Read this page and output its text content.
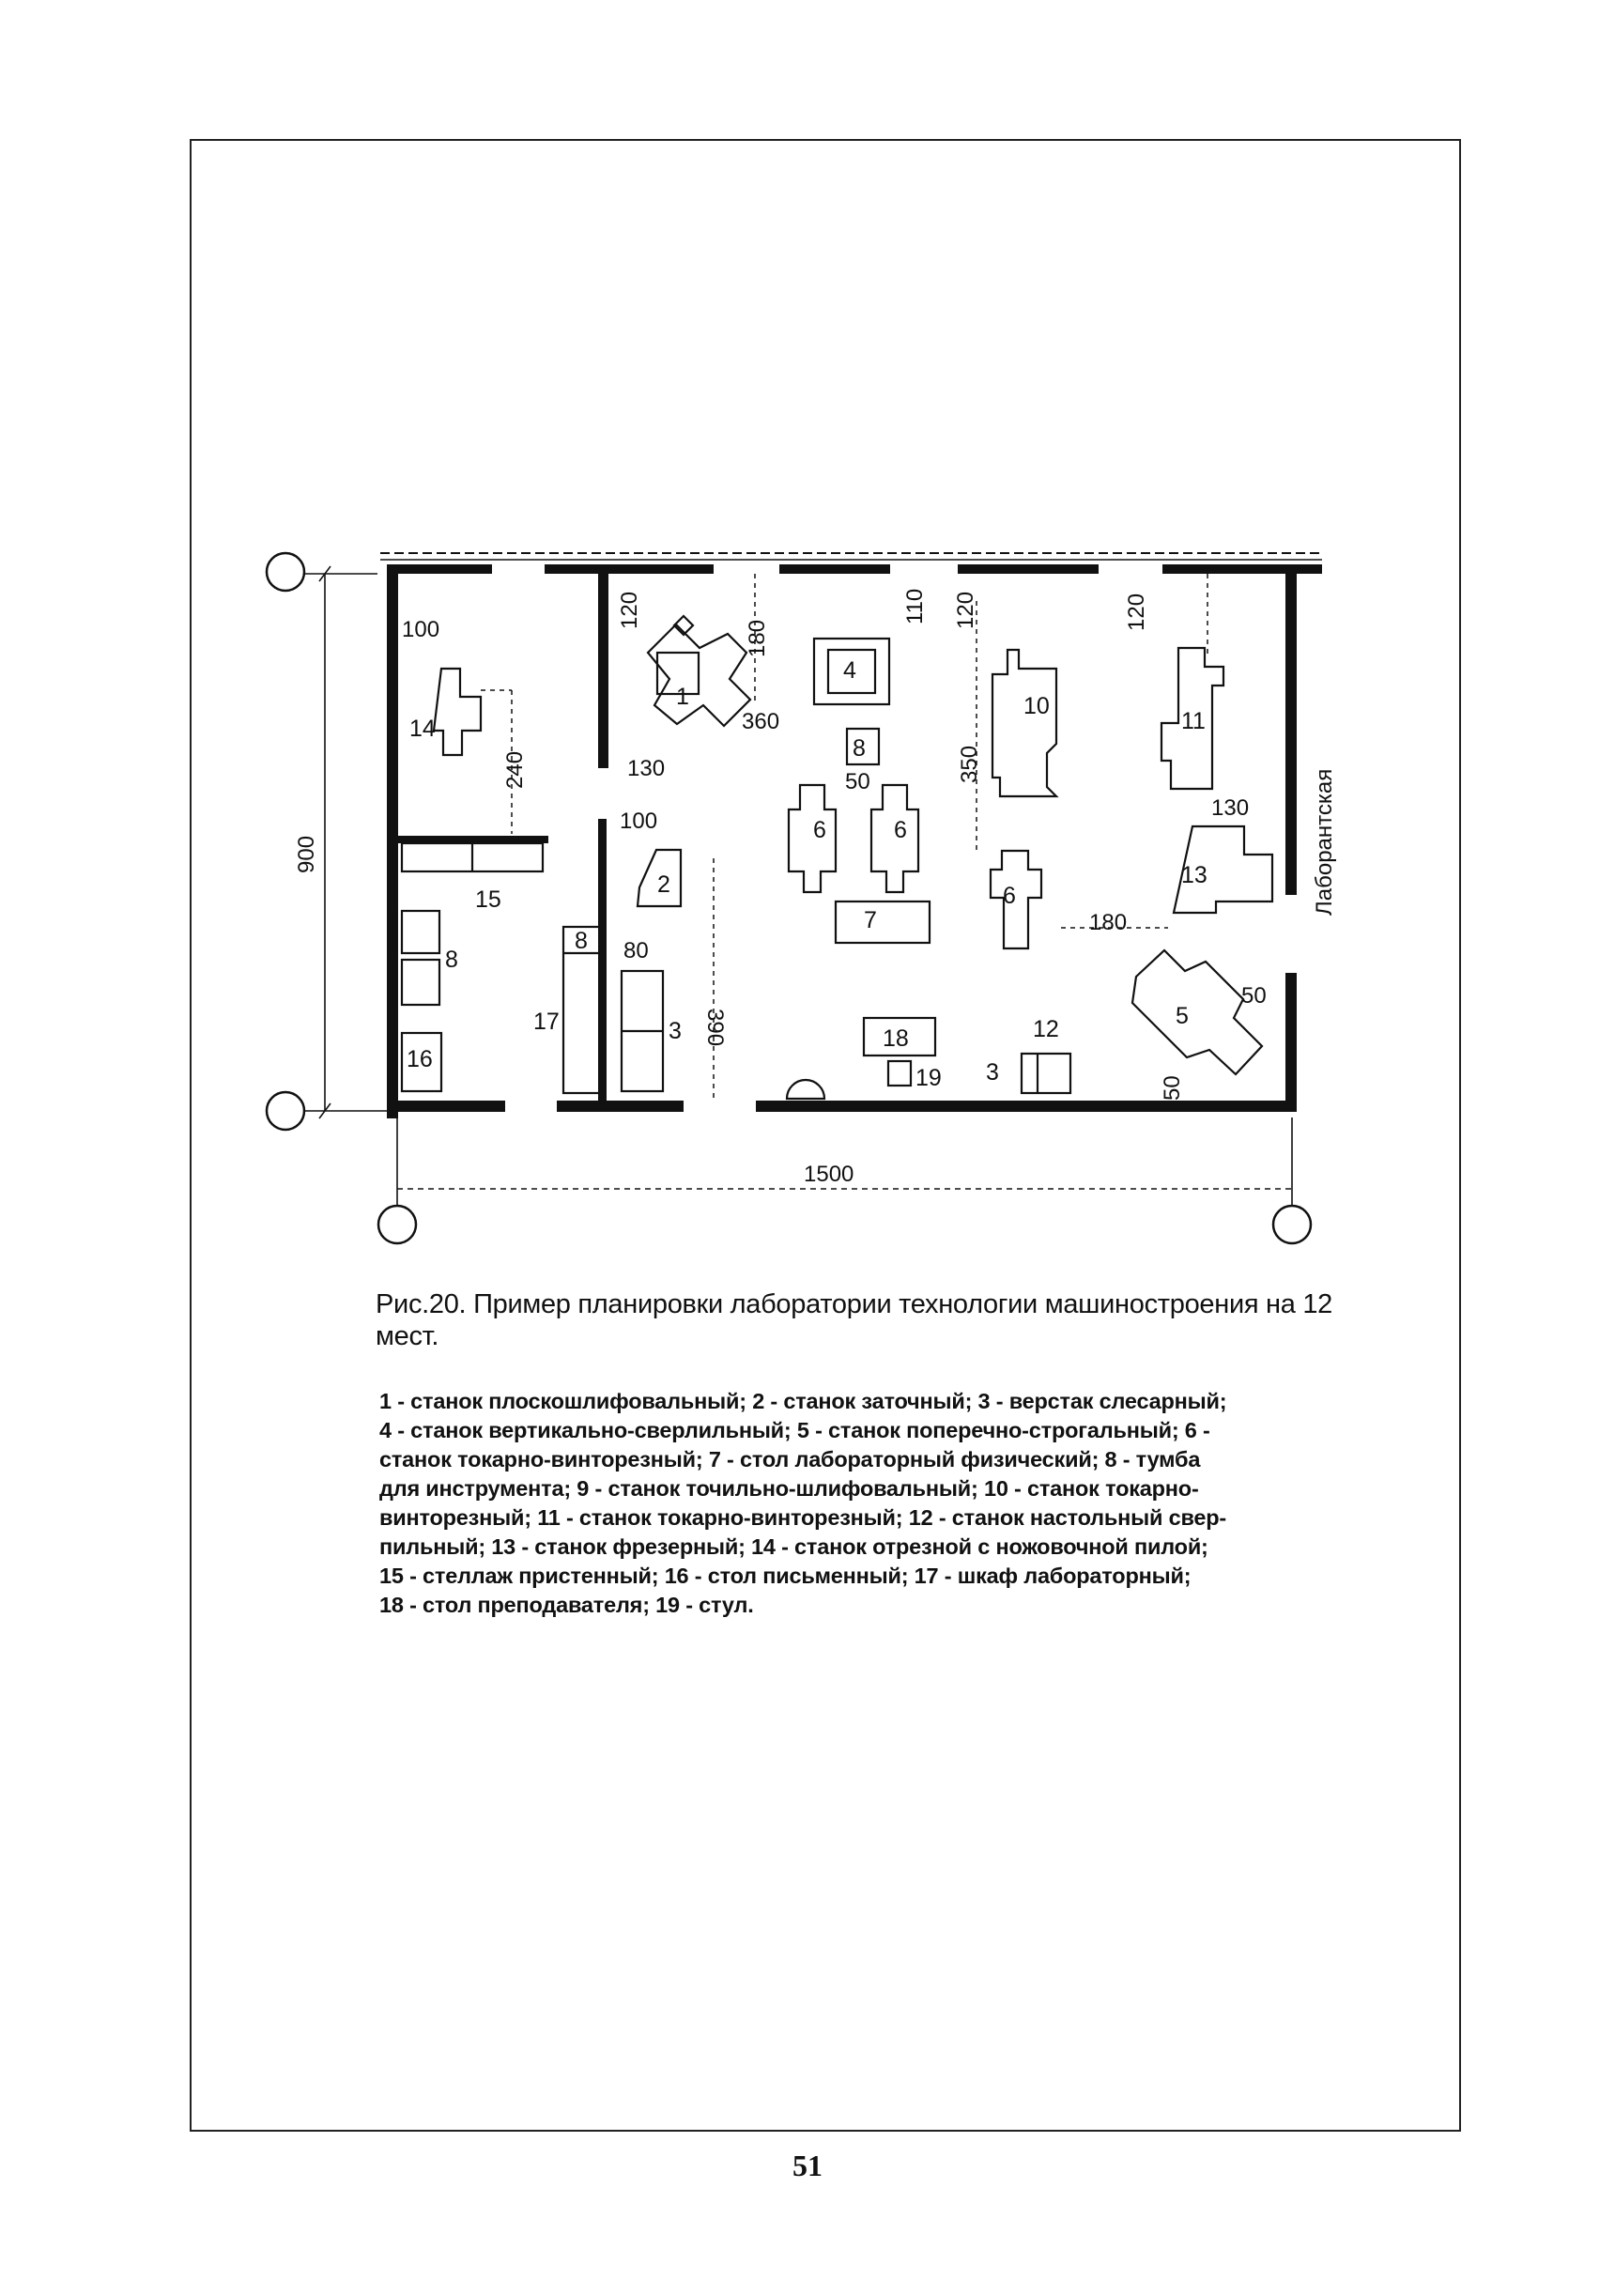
1
2
3
3
4
5
6	6
6
7
8
8
8
10
11
12
13
14
15
16
17
18
19
100
240
120
180
110 120	120
130
360
130
350
50
100
80
390
180
50
50
900
1500
Лаборантская
Рис.20. Пример планировки лаборатории технологии машиностроения на 12 мест.
1 - станок плоскошлифовальный; 2 - станок заточный; 3 - верстак слесарный;
4 - станок вертикально-сверлильный; 5 - станок поперечно-строгальный; 6 -
станок токарно-винторезный; 7 - стол лабораторный физический; 8 - тумба
для инструмента; 9 - станок точильно-шлифовальный; 10 - станок токарно-
винторезный; 11 - станок токарно-винторезный; 12 - станок настольный свер-
пильный; 13 - станок фрезерный; 14 - станок отрезной с ножовочной пилой;
15 - стеллаж пристенный; 16 - стол письменный; 17 - шкаф лабораторный;
18 - стол преподавателя; 19 - стул.
51
